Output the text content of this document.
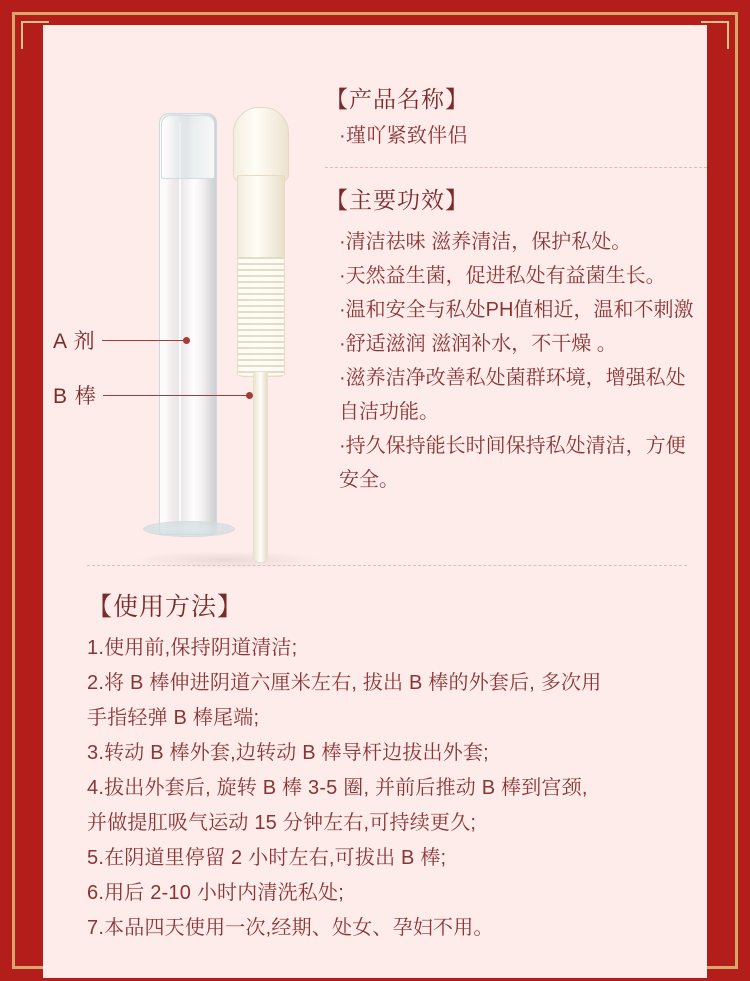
A 剂
B 棒
【产品名称】
·瑾吖紧致伴侣
【主要功效】
·清洁祛味 滋养清洁，保护私处。
·天然益生菌，促进私处有益菌生长。
·温和安全与私处PH值相近，温和不刺激
·舒适滋润 滋润补水，不干燥 。
·滋养洁净改善私处菌群环境，增强私处
自洁功能。
·持久保持能长时间保持私处清洁，方便
安全。
【使用方法】
1.使用前,保持阴道清洁;
2.将 B 棒伸进阴道六厘米左右, 拔出 B 棒的外套后, 多次用
手指轻弹 B 棒尾端;
3.转动 B 棒外套,边转动 B 棒导杆边拔出外套;
4.拔出外套后, 旋转 B 棒 3-5 圈, 并前后推动 B 棒到宫颈,
并做提肛吸气运动 15 分钟左右,可持续更久;
5.在阴道里停留 2 小时左右,可拔出 B 棒;
6.用后 2-10 小时内清洗私处;
7.本品四天使用一次,经期、处女、孕妇不用。
